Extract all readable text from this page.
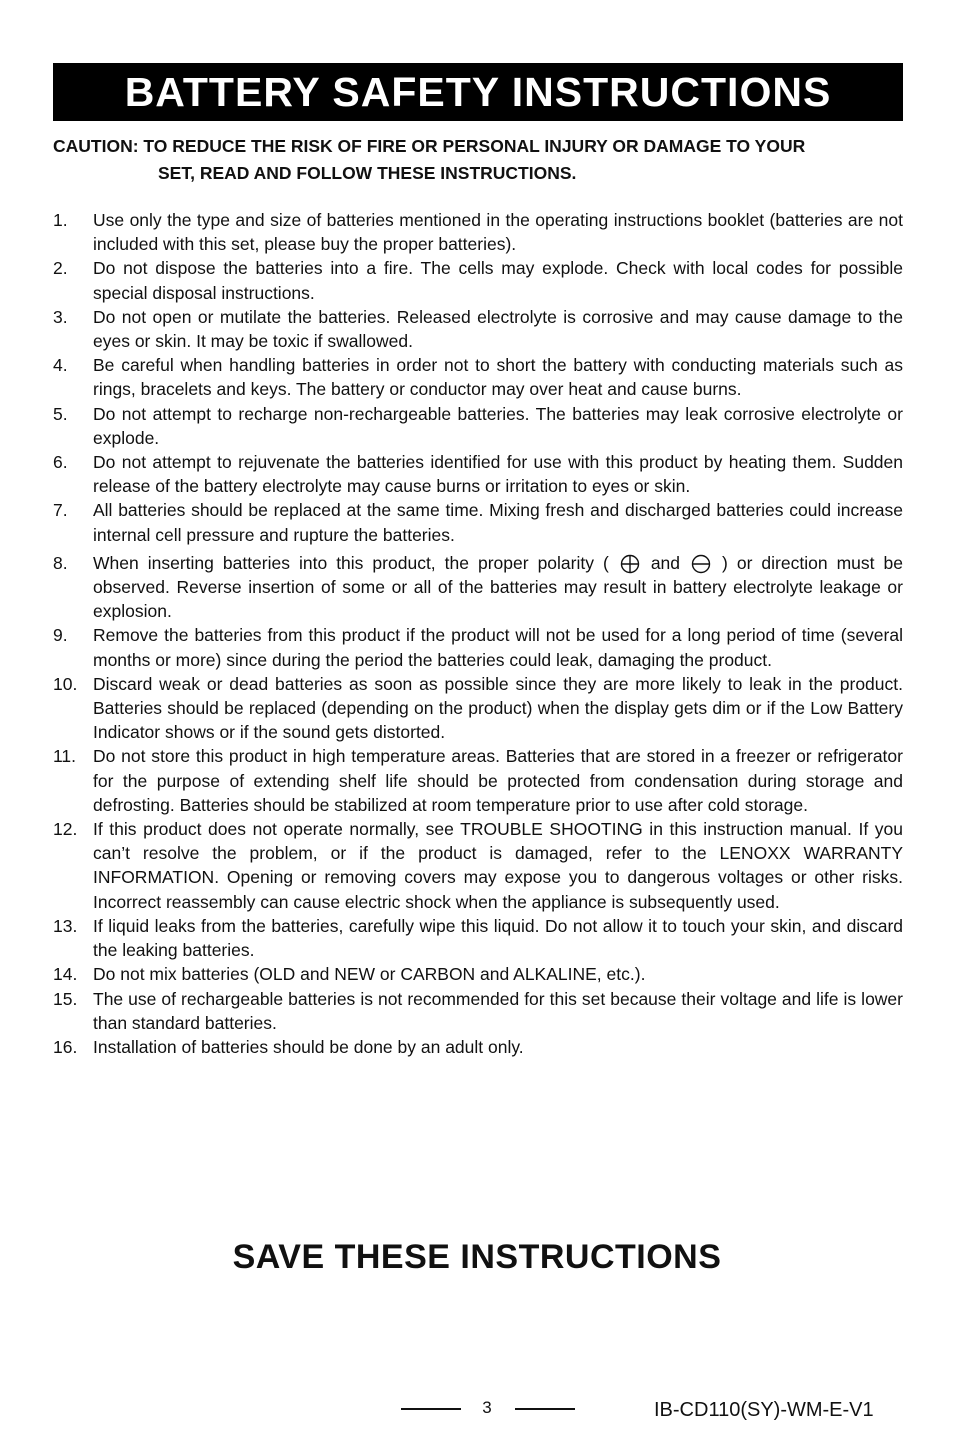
BATTERY SAFETY INSTRUCTIONS
CAUTION: TO REDUCE THE RISK OF FIRE OR PERSONAL INJURY OR DAMAGE TO YOUR
SET, READ AND FOLLOW THESE INSTRUCTIONS.
1.	Use only the type and size of batteries mentioned in the operating instructions booklet (batteries are not included with this set, please buy the proper batteries).
2.	Do not dispose the batteries into a fire. The cells may explode. Check with local codes for possible special disposal instructions.
3.	Do not open or mutilate the batteries. Released electrolyte is corrosive and may cause damage to the eyes or skin. It may be toxic if swallowed.
4.	Be careful when handling batteries in order not to short the battery with conducting materials such as rings, bracelets and keys. The battery or conductor may over heat and cause burns.
5.	Do not attempt to recharge non-rechargeable batteries. The batteries may leak corrosive electrolyte or explode.
6.	Do not attempt to rejuvenate the batteries identified for use with this product by heating them. Sudden release of the battery electrolyte may cause burns or irritation to eyes or skin.
7.	All batteries should be replaced at the same time. Mixing fresh and discharged batteries could increase internal cell pressure and rupture the batteries.
8.	When inserting batteries into this product, the proper polarity ( and ) or direction must be observed. Reverse insertion of some or all of the batteries may result in battery electrolyte leakage or explosion.
9.	Remove the batteries from this product if the product will not be used for a long period of time (several months or more) since during the period the batteries could leak, damaging the product.
10. Discard weak or dead batteries as soon as possible since they are more likely to leak in the product. Batteries should be replaced (depending on the product) when the display gets dim or if the Low Battery Indicator shows or if the sound gets distorted.
11. Do not store this product in high temperature areas. Batteries that are stored in a freezer or refrigerator for the purpose of extending shelf life should be protected from condensation during storage and defrosting. Batteries should be stabilized at room temperature prior to use after cold storage.
12. If this product does not operate normally, see TROUBLE SHOOTING in this instruction manual. If you can’t resolve the problem, or if the product is damaged, refer to the LENOXX WARRANTY INFORMATION. Opening or removing covers may expose you to dangerous voltages or other risks. Incorrect reassembly can cause electric shock when the appliance is subsequently used.
13. If liquid leaks from the batteries, carefully wipe this liquid. Do not allow it to touch your skin, and discard the leaking batteries.
14. Do not mix batteries (OLD and NEW or CARBON and ALKALINE, etc.).
15. The use of rechargeable batteries is not recommended for this set because their voltage and life is lower than standard batteries.
16. Installation of batteries should be done by an adult only.
SAVE THESE INSTRUCTIONS
3	IB-CD110(SY)-WM-E-V1
